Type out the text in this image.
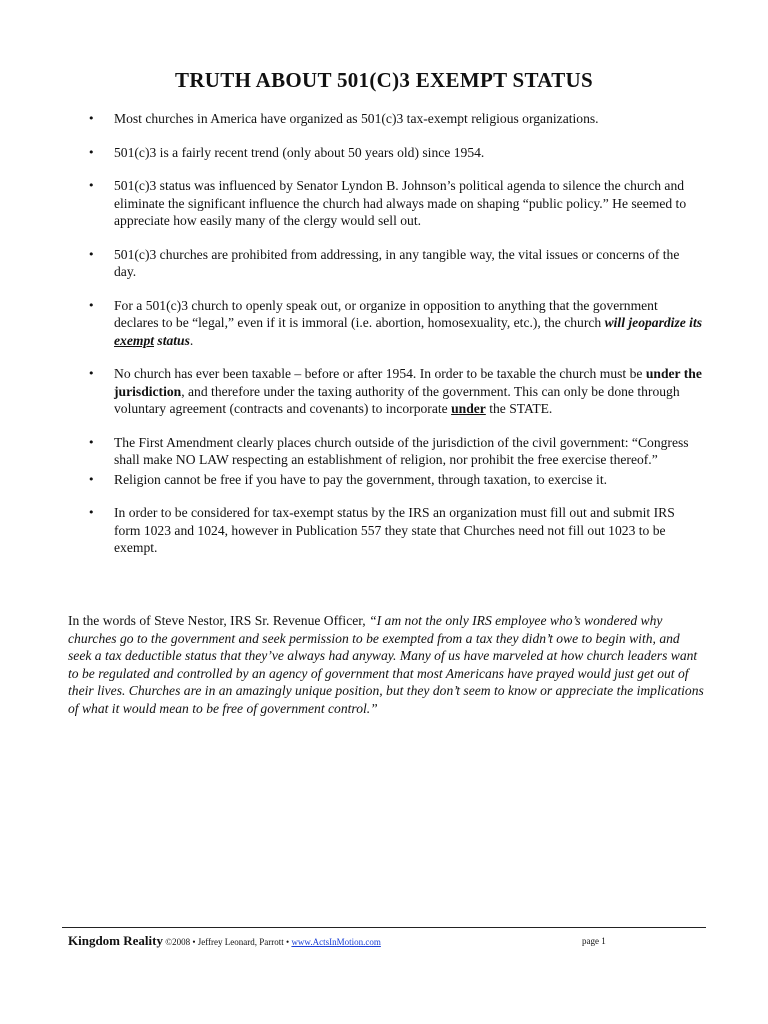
TRUTH ABOUT 501(C)3 EXEMPT STATUS
•	Most churches in America have organized as 501(c)3 tax-exempt religious organizations.
•	501(c)3 is a fairly recent trend (only about 50 years old) since 1954.
•	501(c)3 status was influenced by Senator Lyndon B. Johnson’s political agenda to silence the church and eliminate the significant influence the church had always made on shaping “public policy.” He seemed to appreciate how easily many of the clergy would sell out.
•	501(c)3 churches are prohibited from addressing, in any tangible way, the vital issues or concerns of the day.
•	For a 501(c)3 church to openly speak out, or organize in opposition to anything that the government declares to be “legal,” even if it is immoral (i.e. abortion, homosexuality, etc.), the church will jeopardize its exempt status.
•	No church has ever been taxable – before or after 1954. In order to be taxable the church must be under the jurisdiction, and therefore under the taxing authority of the government. This can only be done through voluntary agreement (contracts and covenants) to incorporate under the STATE.
•	The First Amendment clearly places church outside of the jurisdiction of the civil government: “Congress shall make NO LAW respecting an establishment of religion, nor prohibit the free exercise thereof.”
•	Religion cannot be free if you have to pay the government, through taxation, to exercise it.
•	In order to be considered for tax-exempt status by the IRS an organization must fill out and submit IRS form 1023 and 1024, however in Publication 557 they state that Churches need not fill out 1023 to be exempt.
In the words of Steve Nestor, IRS Sr. Revenue Officer, “I am not the only IRS employee who’s wondered why churches go to the government and seek permission to be exempted from a tax they didn’t owe to begin with, and seek a tax deductible status that they’ve always had anyway. Many of us have marveled at how church leaders want to be regulated and controlled by an agency of government that most Americans have prayed would just get out of their lives. Churches are in an amazingly unique position, but they don’t seem to know or appreciate the implications of what it would mean to be free of government control.”
Kingdom Reality ©2008 • Jeffrey Leonard, Parrott • www.ActsInMotion.com	page 1
